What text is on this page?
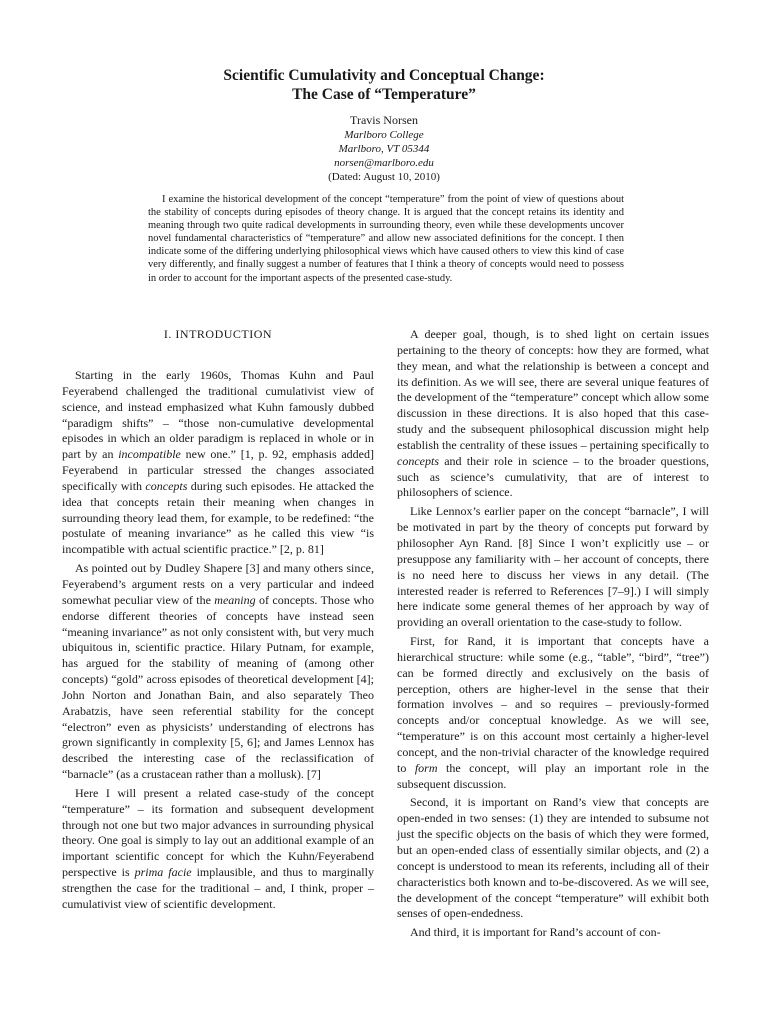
Scientific Cumulativity and Conceptual Change:
The Case of “Temperature”
Travis Norsen
Marlboro College
Marlboro, VT 05344
norsen@marlboro.edu
(Dated: August 10, 2010)
I examine the historical development of the concept “temperature” from the point of view of questions about the stability of concepts during episodes of theory change. It is argued that the concept retains its identity and meaning through two quite radical developments in surrounding theory, even while these developments uncover novel fundamental characteristics of “temperature” and allow new associated definitions for the concept. I then indicate some of the differing underlying philosophical views which have caused others to view this kind of case very differently, and finally suggest a number of features that I think a theory of concepts would need to possess in order to account for the important aspects of the presented case-study.
I. INTRODUCTION

Starting in the early 1960s, Thomas Kuhn and Paul Feyerabend challenged the traditional cumulativist view of science, and instead emphasized what Kuhn famously dubbed “paradigm shifts” – “those non-cumulative developmental episodes in which an older paradigm is replaced in whole or in part by an incompatible new one.” [1, p. 92, emphasis added] Feyerabend in particular stressed the changes associated specifically with concepts during such episodes. He attacked the idea that concepts retain their meaning when changes in surrounding theory lead them, for example, to be redefined: “the postulate of meaning invariance” as he called this view “is incompatible with actual scientific practice.” [2, p. 81]

As pointed out by Dudley Shapere [3] and many others since, Feyerabend’s argument rests on a very particular and indeed somewhat peculiar view of the meaning of concepts. Those who endorse different theories of concepts have instead seen “meaning invariance” as not only consistent with, but very much ubiquitous in, scientific practice. Hilary Putnam, for example, has argued for the stability of meaning of (among other concepts) “gold” across episodes of theoretical development [4]; John Norton and Jonathan Bain, and also separately Theo Arabatzis, have seen referential stability for the concept “electron” even as physicists’ understanding of electrons has grown significantly in complexity [5, 6]; and James Lennox has described the interesting case of the reclassification of “barnacle” (as a crustacean rather than a mollusk). [7]

Here I will present a related case-study of the concept “temperature” – its formation and subsequent development through not one but two major advances in surrounding physical theory. One goal is simply to lay out an additional example of an important scientific concept for which the Kuhn/Feyerabend perspective is prima facie implausible, and thus to marginally strengthen the case for the traditional – and, I think, proper – cumulativist view of scientific development.

A deeper goal, though, is to shed light on certain issues pertaining to the theory of concepts: how they are formed, what they mean, and what the relationship is between a concept and its definition. As we will see, there are several unique features of the development of the “temperature” concept which allow some discussion in these directions. It is also hoped that this case-study and the subsequent philosophical discussion might help establish the centrality of these issues – pertaining specifically to concepts and their role in science – to the broader questions, such as science’s cumulativity, that are of interest to philosophers of science.

Like Lennox’s earlier paper on the concept “barnacle”, I will be motivated in part by the theory of concepts put forward by philosopher Ayn Rand. [8] Since I won’t explicitly use – or presuppose any familiarity with – her account of concepts, there is no need here to discuss her views in any detail. (The interested reader is referred to References [7–9].) I will simply here indicate some general themes of her approach by way of providing an overall orientation to the case-study to follow.

First, for Rand, it is important that concepts have a hierarchical structure: while some (e.g., “table”, “bird”, “tree”) can be formed directly and exclusively on the basis of perception, others are higher-level in the sense that their formation involves – and so requires – previously-formed concepts and/or conceptual knowledge. As we will see, “temperature” is on this account most certainly a higher-level concept, and the non-trivial character of the knowledge required to form the concept, will play an important role in the subsequent discussion.

Second, it is important on Rand’s view that concepts are open-ended in two senses: (1) they are intended to subsume not just the specific objects on the basis of which they were formed, but an open-ended class of essentially similar objects, and (2) a concept is understood to mean its referents, including all of their characteristics both known and to-be-discovered. As we will see, the development of the concept “temperature” will exhibit both senses of open-endedness.

And third, it is important for Rand’s account of con-
